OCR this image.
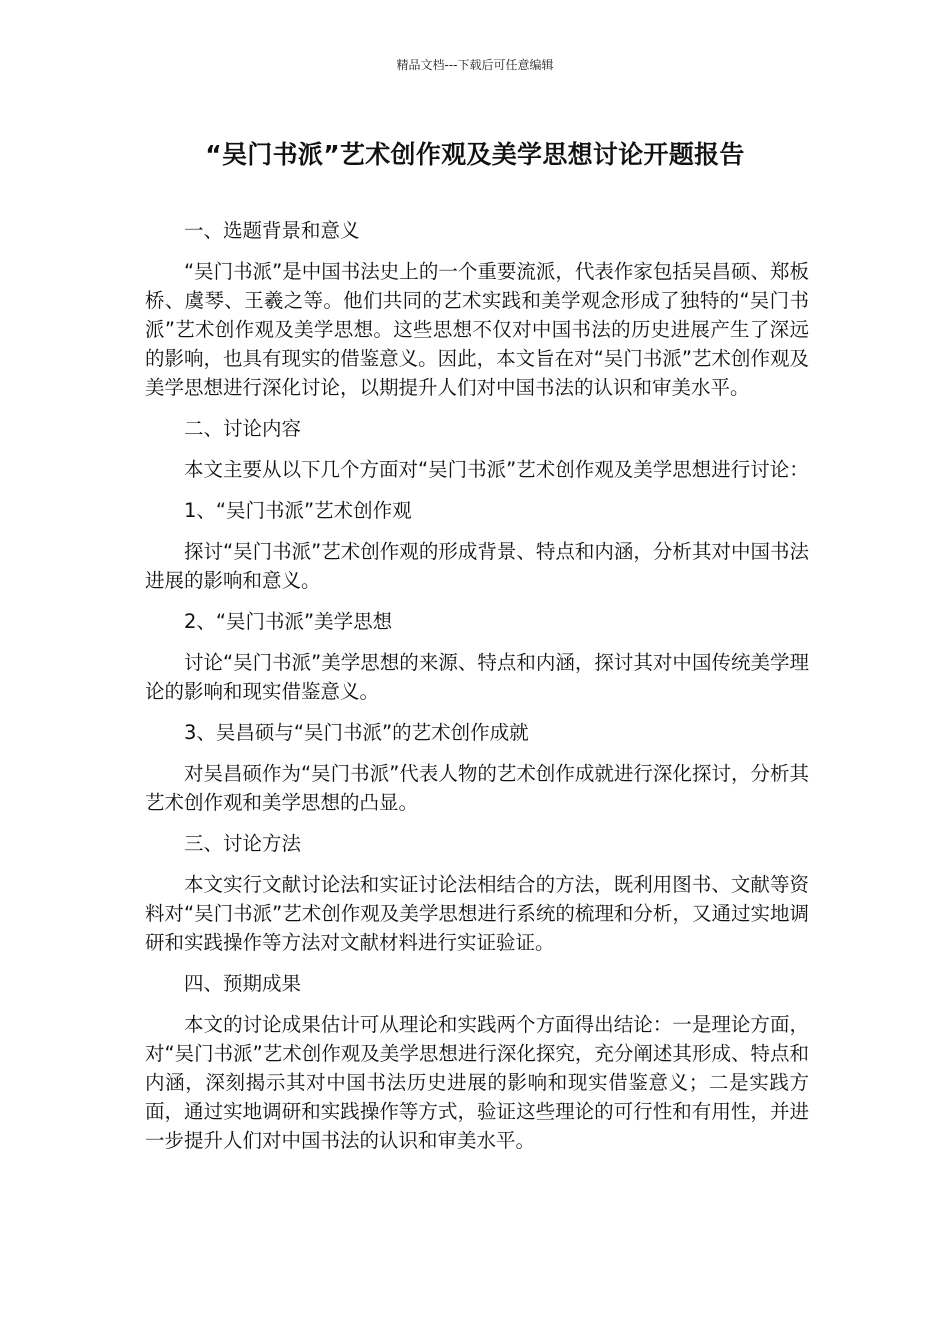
精品文档---下载后可任意编辑
“吴门书派”艺术创作观及美学思想讨论开题报告

一、选题背景和意义

“吴门书派”是中国书法史上的一个重要流派，代表作家包括吴昌硕、郑板桥、虞琴、王羲之等。他们共同的艺术实践和美学观念形成了独特的“吴门书派”艺术创作观及美学思想。这些思想不仅对中国书法的历史进展产生了深远的影响，也具有现实的借鉴意义。因此，本文旨在对“吴门书派”艺术创作观及美学思想进行深化讨论，以期提升人们对中国书法的认识和审美水平。

二、讨论内容

本文主要从以下几个方面对“吴门书派”艺术创作观及美学思想进行讨论：

1、“吴门书派”艺术创作观

探讨“吴门书派”艺术创作观的形成背景、特点和内涵，分析其对中国书法进展的影响和意义。

2、“吴门书派”美学思想

讨论“吴门书派”美学思想的来源、特点和内涵，探讨其对中国传统美学理论的影响和现实借鉴意义。

3、吴昌硕与“吴门书派”的艺术创作成就

对吴昌硕作为“吴门书派”代表人物的艺术创作成就进行深化探讨，分析其艺术创作观和美学思想的凸显。

三、讨论方法

本文实行文献讨论法和实证讨论法相结合的方法，既利用图书、文献等资料对“吴门书派”艺术创作观及美学思想进行系统的梳理和分析，又通过实地调研和实践操作等方法对文献材料进行实证验证。

四、预期成果

本文的讨论成果估计可从理论和实践两个方面得出结论：一是理论方面，对“吴门书派”艺术创作观及美学思想进行深化探究，充分阐述其形成、特点和内涵，深刻揭示其对中国书法历史进展的影响和现实借鉴意义；二是实践方面，通过实地调研和实践操作等方式，验证这些理论的可行性和有用性，并进一步提升人们对中国书法的认识和审美水平。
